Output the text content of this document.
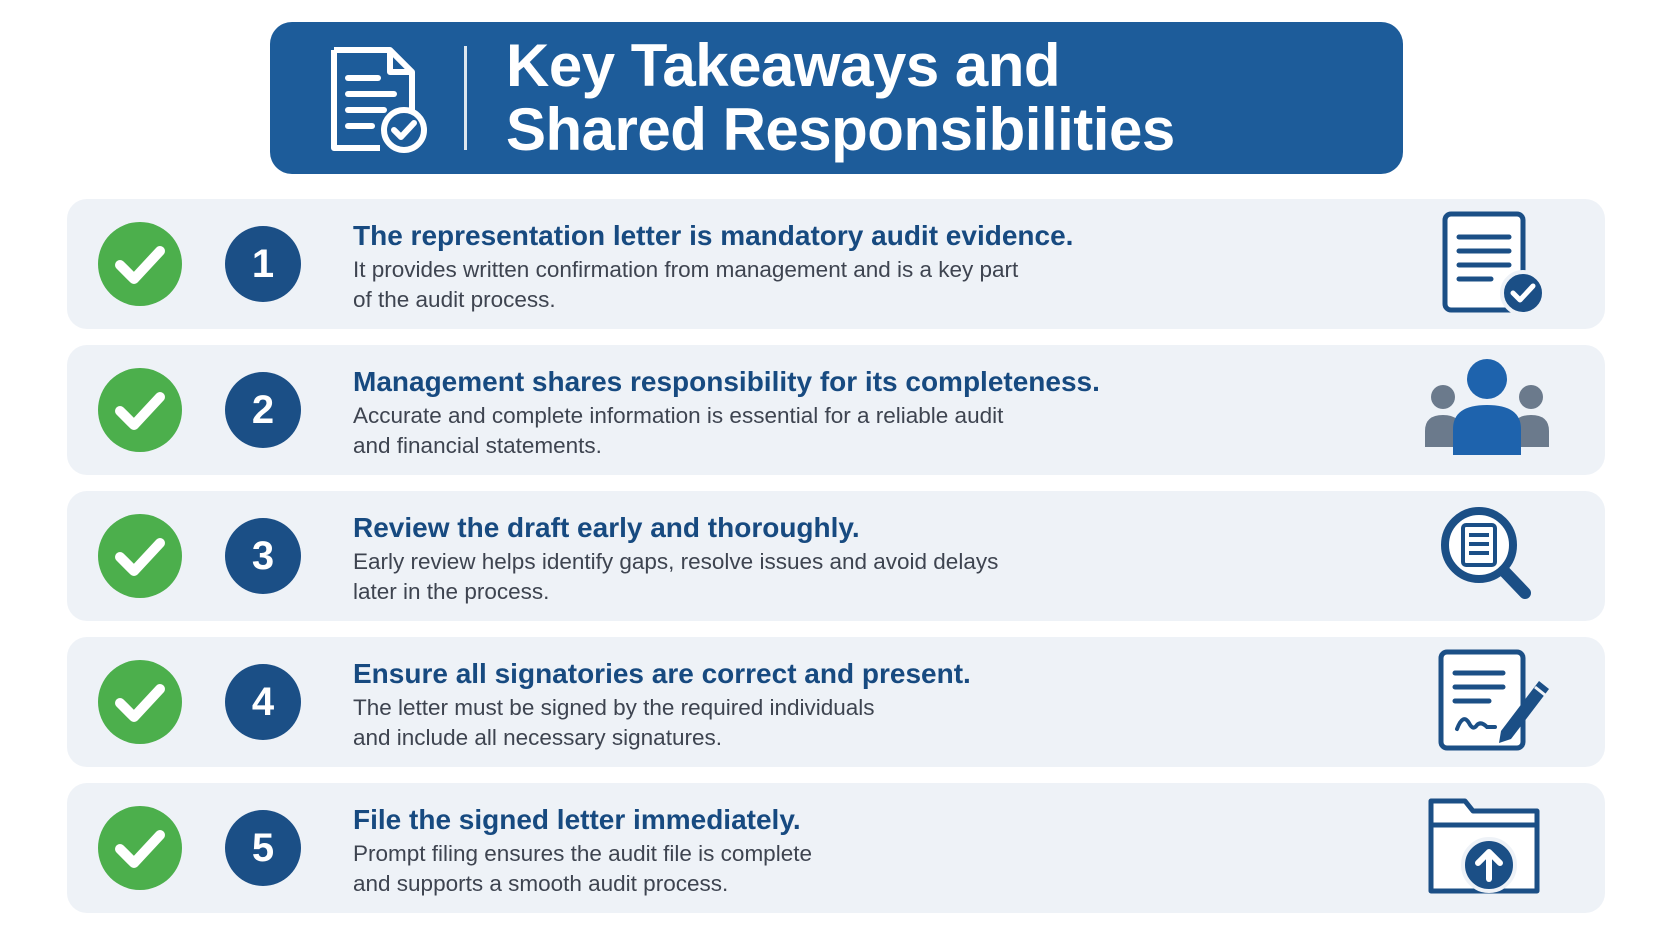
Key Takeaways and
Shared Responsibilities
1
The representation letter is mandatory audit evidence.
It provides written confirmation from management and is a key part
of the audit process.
2
Management shares responsibility for its completeness.
Accurate and complete information is essential for a reliable audit
and financial statements.
3
Review the draft early and thoroughly.
Early review helps identify gaps, resolve issues and avoid delays
later in the process.
4
Ensure all signatories are correct and present.
The letter must be signed by the required individuals
and include all necessary signatures.
5
File the signed letter immediately.
Prompt filing ensures the audit file is complete
and supports a smooth audit process.
